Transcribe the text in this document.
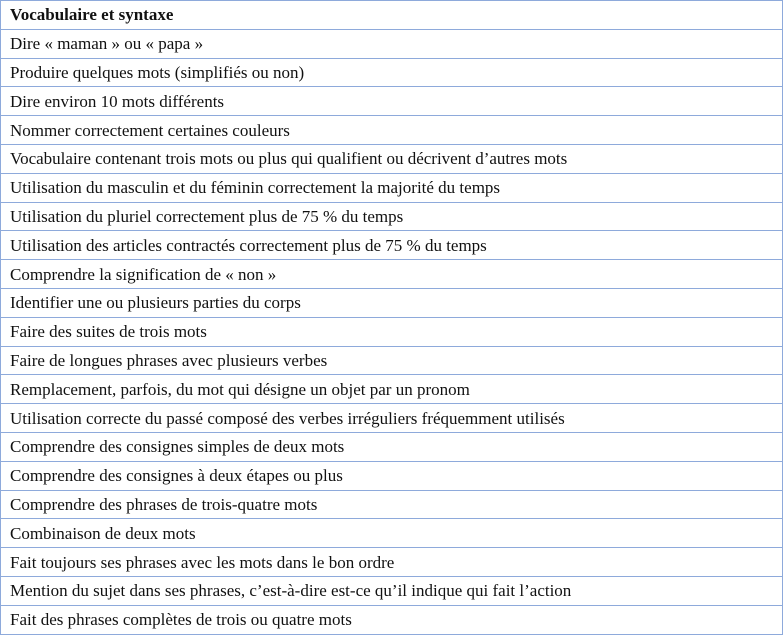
Vocabulaire et syntaxe
Dire « maman » ou « papa »
Produire quelques mots (simplifiés ou non)
Dire environ 10 mots différents
Nommer correctement certaines couleurs
Vocabulaire contenant trois mots ou plus qui qualifient ou décrivent d’autres mots
Utilisation du masculin et du féminin correctement la majorité du temps
Utilisation du pluriel correctement plus de 75 % du temps
Utilisation des articles contractés correctement plus de 75 % du temps
Comprendre la signification de « non »
Identifier une ou plusieurs parties du corps
Faire des suites de trois mots
Faire de longues phrases avec plusieurs verbes
Remplacement, parfois, du mot qui désigne un objet par un pronom
Utilisation correcte du passé composé des verbes irréguliers fréquemment utilisés
Comprendre des consignes simples de deux mots
Comprendre des consignes à deux étapes ou plus
Comprendre des phrases de trois-quatre mots
Combinaison de deux mots
Fait toujours ses phrases avec les mots dans le bon ordre
Mention du sujet dans ses phrases, c’est-à-dire est-ce qu’il indique qui fait l’action
Fait des phrases complètes de trois ou quatre mots
